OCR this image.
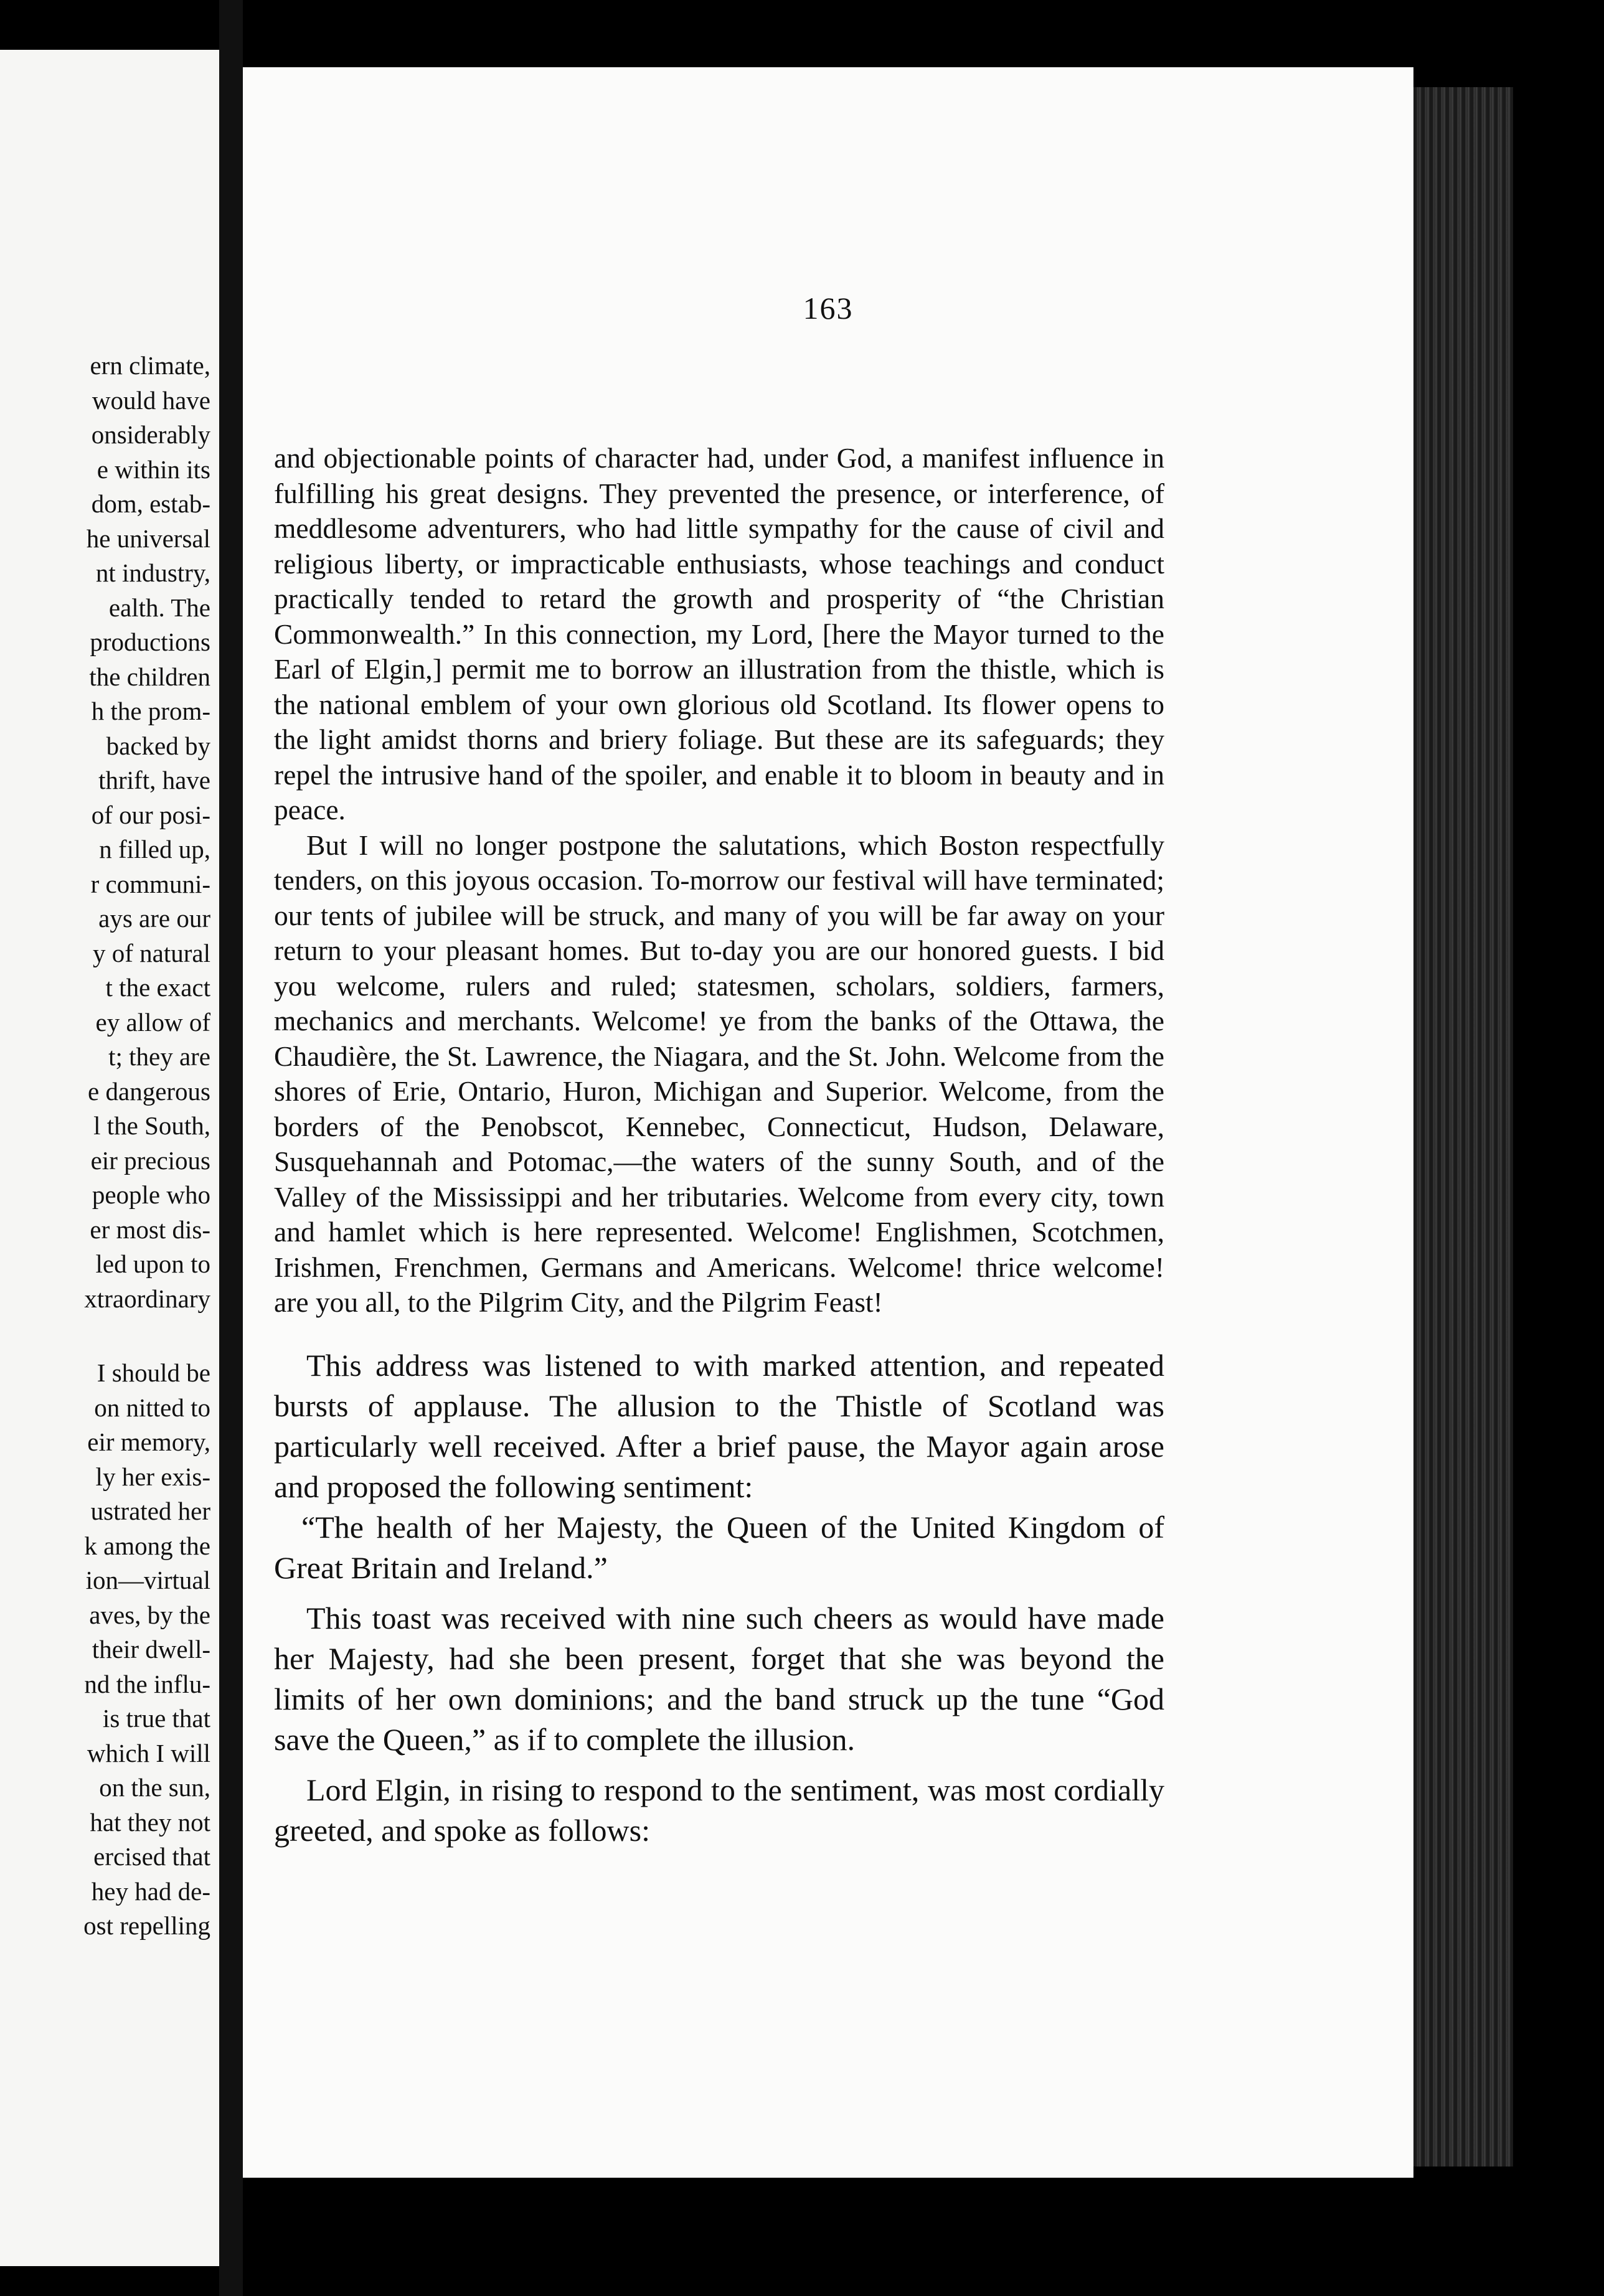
ern climate,
would have
onsiderably
e within its
dom, estab-
he universal
nt industry,
ealth. The
productions
the children
h the prom-
backed by
thrift, have
of our posi-
n filled up,
r communi-
ays are our
y of natural
t the exact
ey allow of
t; they are
e dangerous
l the South,
eir precious
people who
er most dis-
led upon to
xtraordinary
I should be
on nitted to
eir memory,
ly her exis-
ustrated her
k among the
ion—virtual
aves, by the
their dwell-
nd the influ-
is true that
which I will
on the sun,
hat they not
ercised that
hey had de-
ost repelling
163

and objectionable points of character had, under God, a manifest influence in fulfilling his great designs. They prevented the presence, or interference, of meddlesome adventurers, who had little sympathy for the cause of civil and religious liberty, or impracticable enthusiasts, whose teachings and conduct practically tended to retard the growth and prosperity of “the Christian Commonwealth.” In this connection, my Lord, [here the Mayor turned to the Earl of Elgin,] permit me to borrow an illustration from the thistle, which is the national emblem of your own glorious old Scotland. Its flower opens to the light amidst thorns and briery foliage. But these are its safeguards; they repel the intrusive hand of the spoiler, and enable it to bloom in beauty and in peace.

But I will no longer postpone the salutations, which Boston respectfully tenders, on this joyous occasion. To-morrow our festival will have terminated; our tents of jubilee will be struck, and many of you will be far away on your return to your pleasant homes. But to-day you are our honored guests. I bid you welcome, rulers and ruled; statesmen, scholars, soldiers, farmers, mechanics and merchants. Welcome! ye from the banks of the Ottawa, the Chaudière, the St. Lawrence, the Niagara, and the St. John. Welcome from the shores of Erie, Ontario, Huron, Michigan and Superior. Welcome, from the borders of the Penobscot, Kennebec, Connecticut, Hudson, Delaware, Susquehannah and Potomac,—the waters of the sunny South, and of the Valley of the Mississippi and her tributaries. Welcome from every city, town and hamlet which is here represented. Welcome! Englishmen, Scotchmen, Irishmen, Frenchmen, Germans and Americans. Welcome! thrice welcome! are you all, to the Pilgrim City, and the Pilgrim Feast!

This address was listened to with marked attention, and repeated bursts of applause. The allusion to the Thistle of Scotland was particularly well received. After a brief pause, the Mayor again arose and proposed the following sentiment:

“The health of her Majesty, the Queen of the United Kingdom of Great Britain and Ireland.”

This toast was received with nine such cheers as would have made her Majesty, had she been present, forget that she was beyond the limits of her own dominions; and the band struck up the tune “God save the Queen,” as if to complete the illusion.

Lord Elgin, in rising to respond to the sentiment, was most cordially greeted, and spoke as follows:
